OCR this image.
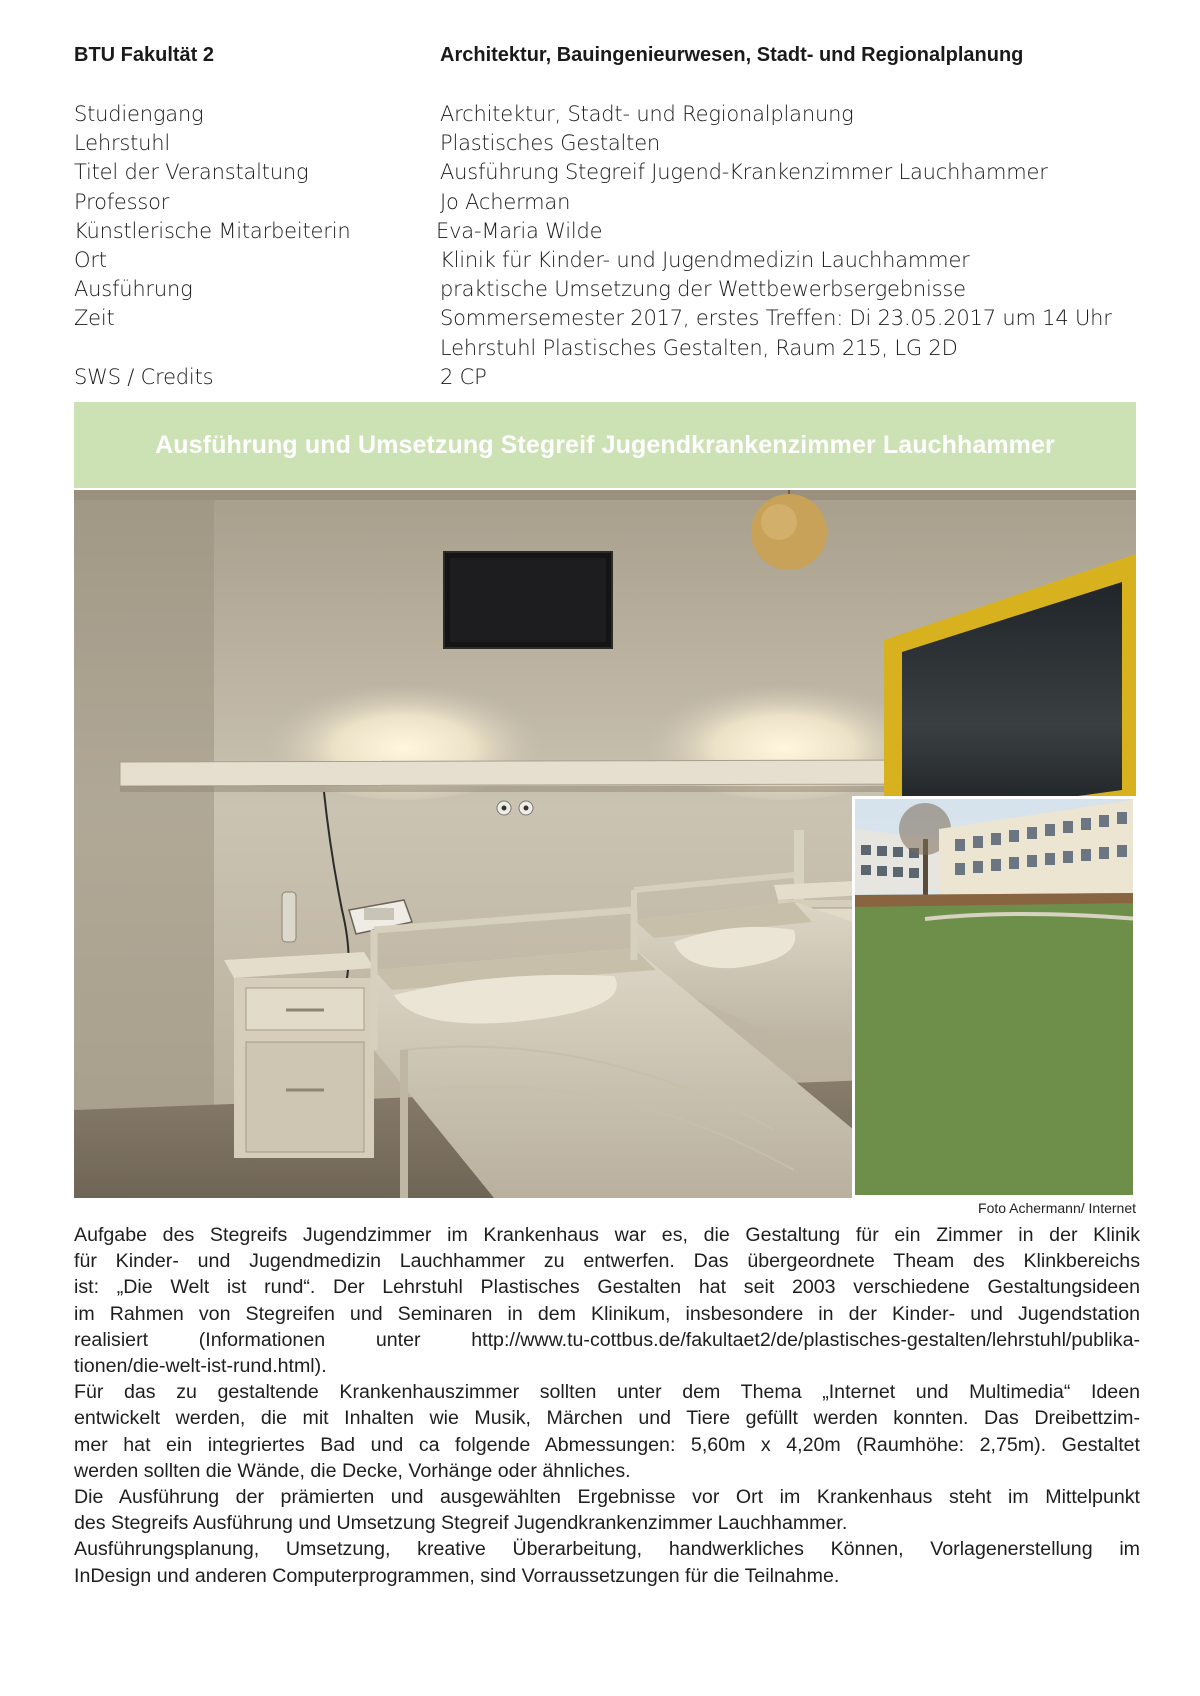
BTU Fakultät 2	Architektur, Bauingenieurwesen, Stadt- und Regionalplanung
Studiengang	Architektur, Stadt- und Regionalplanung
Lehrstuhl	Plastisches Gestalten
Titel der Veranstaltung	Ausführung Stegreif Jugend-Krankenzimmer Lauchhammer
Professor	Jo Acherman
Künstlerische Mitarbeiterin	Eva-Maria Wilde
Ort	Klinik für Kinder- und Jugendmedizin Lauchhammer
Ausführung	praktische Umsetzung der Wettbewerbsergebnisse
Zeit	Sommersemester 2017, erstes Treffen: Di 23.05.2017 um 14 Uhr
Lehrstuhl Plastisches Gestalten, Raum 215, LG 2D
SWS / Credits	2 CP
Ausführung und Umsetzung Stegreif Jugendkrankenzimmer Lauchhammer
Foto Achermann/ Internet
Aufgabe des Stegreifs Jugendzimmer im Krankenhaus war es, die Gestaltung für ein Zimmer in der Klinik
für Kinder- und Jugendmedizin Lauchhammer zu entwerfen. Das übergeordnete Theam des Klinkbereichs
ist: „Die Welt ist rund“. Der Lehrstuhl Plastisches Gestalten hat seit 2003 verschiedene Gestaltungsideen
im Rahmen von Stegreifen und Seminaren in dem Klinikum, insbesondere in der Kinder- und Jugendstation
realisiert (Informationen unter http://www.tu-cottbus.de/fakultaet2/de/plastisches-gestalten/lehrstuhl/publika-
tionen/die-welt-ist-rund.html).
Für das zu gestaltende Krankenhauszimmer sollten unter dem Thema „Internet und Multimedia“ Ideen
entwickelt werden, die mit Inhalten wie Musik, Märchen und Tiere gefüllt werden konnten. Das Dreibettzim-
mer hat ein integriertes Bad und ca folgende Abmessungen: 5,60m x 4,20m (Raumhöhe: 2,75m). Gestaltet
werden sollten die Wände, die Decke, Vorhänge oder ähnliches.
Die Ausführung der prämierten und ausgewählten Ergebnisse vor Ort im Krankenhaus steht im Mittelpunkt
des Stegreifs Ausführung und Umsetzung Stegreif Jugendkrankenzimmer Lauchhammer.
Ausführungsplanung, Umsetzung, kreative Überarbeitung, handwerkliches Können, Vorlagenerstellung im
InDesign und anderen Computerprogrammen, sind Vorraussetzungen für die Teilnahme.
